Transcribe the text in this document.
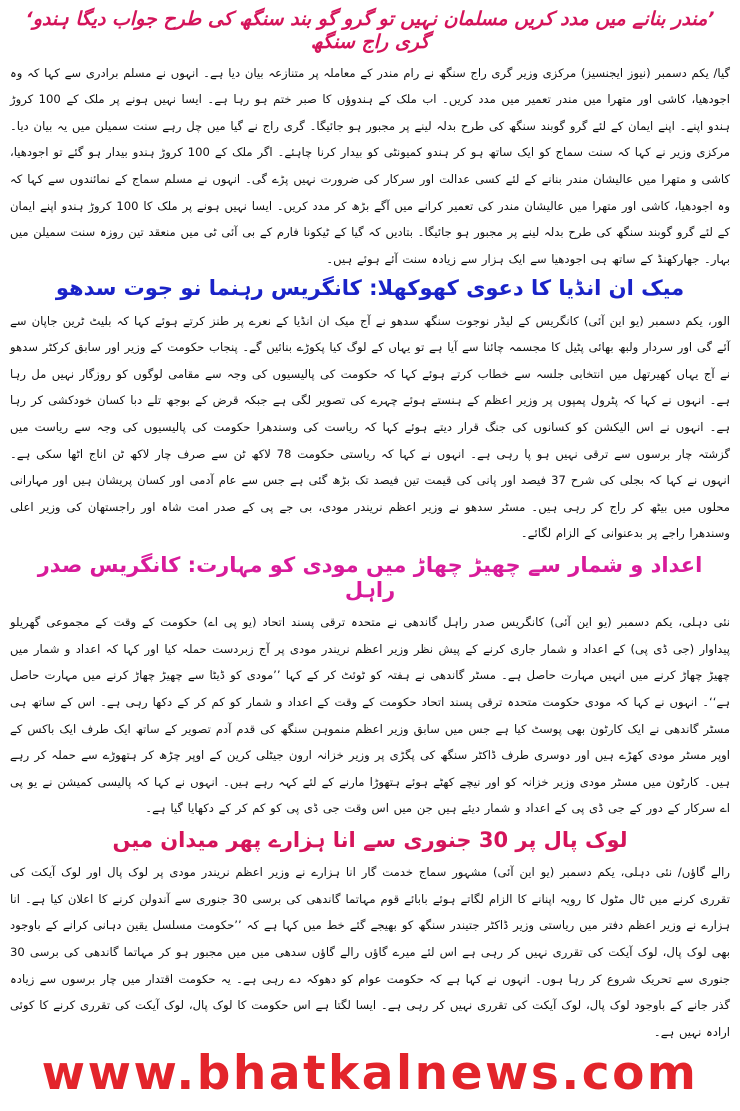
’مندر بنانے میں مدد کریں مسلمان نہیں تو گرو گو بند سنگھ کی طرح جواب دیگا ہندو‘ گری راج سنگھ

گیا/ یکم دسمبر (نیوز ایجنسیز) مرکزی وزیر گری راج سنگھ نے رام مندر کے معاملہ پر متنازعہ بیان دیا ہے۔ انہوں نے مسلم برادری سے کہا کہ وہ اجودھیا، کاشی اور متھرا میں مندر تعمیر میں مدد کریں۔ اب ملک کے ہندوؤں کا صبر ختم ہو رہا ہے۔ ایسا نہیں ہونے پر ملک کے 100 کروڑ ہندو اپنے۔ اپنے ایمان کے لئے گرو گوبند سنگھ کی طرح بدلہ لینے پر مجبور ہو جائیگا۔ گری راج نے گیا میں چل رہے سنت سمیلن میں یہ بیان دیا۔ مرکزی وزیر نے کہا کہ سنت سماج کو ایک ساتھ ہو کر ہندو کمیونٹی کو بیدار کرنا چاہئے۔ اگر ملک کے 100 کروڑ ہندو بیدار ہو گئے تو اجودھیا، کاشی و متھرا میں عالیشان مندر بنانے کے لئے کسی عدالت اور سرکار کی ضرورت نہیں پڑے گی۔ انہوں نے مسلم سماج کے نمائندوں سے کہا کہ وہ اجودھیا، کاشی اور متھرا میں عالیشان مندر کی تعمیر کرانے میں آگے بڑھ کر مدد کریں۔ ایسا نہیں ہونے پر ملک کا 100 کروڑ ہندو اپنے ایمان کے لئے گرو گوبند سنگھ کی طرح بدلہ لینے پر مجبور ہو جائیگا۔ بتادیں کہ گیا کے ٹیکونا فارم کے بی آئی ٹی میں منعقد تین روزہ سنت سمیلن میں بہار۔ جھارکھنڈ کے ساتھ ہی اجودھیا سے ایک ہزار سے زیادہ سنت آئے ہوئے ہیں۔

میک ان انڈیا کا دعوی کھوکھلا: کانگریس رہنما نو جوت سدھو

الور، یکم دسمبر (یو این آئی) کانگریس کے لیڈر نوجوت سنگھ سدھو نے آج میک ان انڈیا کے نعرے پر طنز کرتے ہوئے کہا کہ بلیٹ ٹرین جاپان سے آئے گی اور سردار ولبھ بھائی پٹیل کا مجسمہ چائنا سے آیا ہے تو یہاں کے لوگ کیا پکوڑے بنائیں گے۔ پنجاب حکومت کے وزیر اور سابق کرکٹر سدھو نے آج یہاں کھیرتھل میں انتخابی جلسہ سے خطاب کرتے ہوئے کہا کہ حکومت کی پالیسیوں کی وجہ سے مقامی لوگوں کو روزگار نہیں مل رہا ہے۔ انہوں نے کہا کہ پٹرول پمپوں پر وزیر اعظم کے ہنستے ہوئے چہرے کی تصویر لگی ہے جبکہ قرض کے بوجھ تلے دبا کسان خودکشی کر رہا ہے۔ انہوں نے اس الیکشن کو کسانوں کی جنگ قرار دیتے ہوئے کہا کہ ریاست کی وسندھرا حکومت کی پالیسیوں کی وجہ سے ریاست میں گزشتہ چار برسوں سے ترقی نہیں ہو پا رہی ہے۔ انہوں نے کہا کہ ریاستی حکومت 78 لاکھ ٹن سے صرف چار لاکھ ٹن اناج اٹھا سکی ہے۔ انہوں نے کہا کہ بجلی کی شرح 37 فیصد اور پانی کی قیمت تین فیصد تک بڑھ گئی ہے جس سے عام آدمی اور کسان پریشان ہیں اور مہارانی محلوں میں بیٹھ کر راج کر رہی ہیں۔ مسٹر سدھو نے وزیر اعظم نریندر مودی، بی جے پی کے صدر امت شاہ اور راجستھان کی وزیر اعلی وسندھرا راجے پر بدعنوانی کے الزام لگائے۔

اعداد و شمار سے چھیڑ چھاڑ میں مودی کو مہارت: کانگریس صدر راہل

نئی دہلی، یکم دسمبر (یو این آئی) کانگریس صدر راہل گاندھی نے متحدہ ترقی پسند اتحاد (یو پی اے) حکومت کے وقت کے مجموعی گھریلو پیداوار (جی ڈی پی) کے اعداد و شمار جاری کرنے کے پیش نظر وزیر اعظم نریندر مودی پر آج زبردست حملہ کیا اور کہا کہ اعداد و شمار میں چھیڑ چھاڑ کرنے میں انہیں مہارت حاصل ہے۔ مسٹر گاندھی نے ہفتہ کو ٹوئٹ کر کے کہا ’’مودی کو ڈیٹا سے چھیڑ چھاڑ کرنے میں مہارت حاصل ہے‘‘۔ انہوں نے کہا کہ مودی حکومت متحدہ ترقی پسند اتحاد حکومت کے وقت کے اعداد و شمار کو کم کر کے دکھا رہی ہے۔ اس کے ساتھ ہی مسٹر گاندھی نے ایک کارٹون بھی پوسٹ کیا ہے جس میں سابق وزیر اعظم منموہن سنگھ کی قدم آدم تصویر کے ساتھ ایک طرف ایک باکس کے اوپر مسٹر مودی کھڑے ہیں اور دوسری طرف ڈاکٹر سنگھ کی پگڑی پر وزیر خزانہ ارون جیٹلی کرین کے اوپر چڑھ کر ہتھوڑے سے حملہ کر رہے ہیں۔ کارٹون میں مسٹر مودی وزیر خزانہ کو اور نیچے کھٹے ہوئے ہتھوڑا مارنے کے لئے کہہ رہے ہیں۔ انہوں نے کہا کہ پالیسی کمیشن نے یو پی اے سرکار کے دور کے جی ڈی پی کے اعداد و شمار دیئے ہیں جن میں اس وقت جی ڈی پی کو کم کر کے دکھایا گیا ہے۔

لوک پال پر 30 جنوری سے انا ہزارے پھر میدان میں

رالے گاؤں/ نئی دہلی، یکم دسمبر (یو این آئی) مشہور سماج خدمت گار انا ہزارے نے وزیر اعظم نریندر مودی پر لوک پال اور لوک آیکت کی تقرری کرنے میں ٹال مٹول کا رویہ اپنانے کا الزام لگاتے ہوئے بابائے قوم مہاتما گاندھی کی برسی 30 جنوری سے آندولن کرنے کا اعلان کیا ہے۔ انا ہزارے نے وزیر اعظم دفتر میں ریاستی وزیر ڈاکٹر جتیندر سنگھ کو بھیجے گئے خط میں کہا ہے کہ ’’حکومت مسلسل یقین دہانی کرانے کے باوجود بھی لوک پال، لوک آیکت کی تقرری نہیں کر رہی ہے اس لئے میرے گاؤں رالے گاؤں سدھی میں میں مجبور ہو کر مہاتما گاندھی کی برسی 30 جنوری سے تحریک شروع کر رہا ہوں۔ انہوں نے کہا ہے کہ حکومت عوام کو دھوکہ دے رہی ہے۔ یہ حکومت اقتدار میں چار برسوں سے زیادہ گذر جانے کے باوجود لوک پال، لوک آیکت کی تقرری نہیں کر رہی ہے۔ ایسا لگتا ہے اس حکومت کا لوک پال، لوک آیکت کی تقرری کرنے کا کوئی ارادہ نہیں ہے۔

www.bhatkalnews.com
